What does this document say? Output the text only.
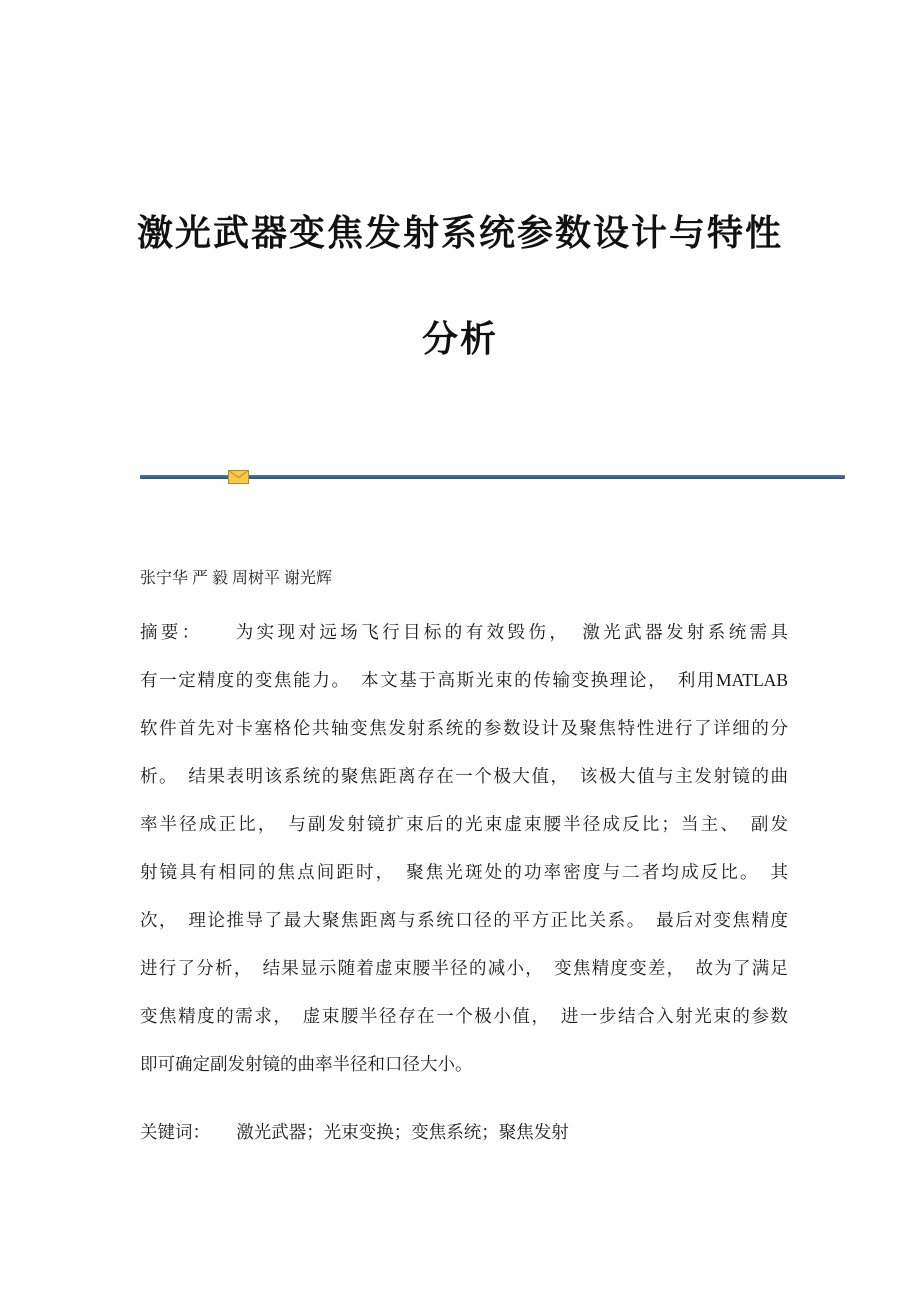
激光武器变焦发射系统参数设计与特性
分析
张宁华 严 毅 周树平 谢光辉
摘要：　　为实现对远场飞行目标的有效毁伤，　激光武器发射系统需具
有一定精度的变焦能力。　本文基于高斯光束的传输变换理论，　利用MATLAB
软件首先对卡塞格伦共轴变焦发射系统的参数设计及聚焦特性进行了详细的分
析。　结果表明该系统的聚焦距离存在一个极大值，　该极大值与主发射镜的曲
率半径成正比，　与副发射镜扩束后的光束虚束腰半径成反比；当主、　副发
射镜具有相同的焦点间距时，　聚焦光斑处的功率密度与二者均成反比。　其
次，　理论推导了最大聚焦距离与系统口径的平方正比关系。　最后对变焦精度
进行了分析，　结果显示随着虚束腰半径的减小，　变焦精度变差，　故为了满足
变焦精度的需求，　虚束腰半径存在一个极小值，　进一步结合入射光束的参数
即可确定副发射镜的曲率半径和口径大小。
关键词：　　激光武器；光束变换；变焦系统；聚焦发射
